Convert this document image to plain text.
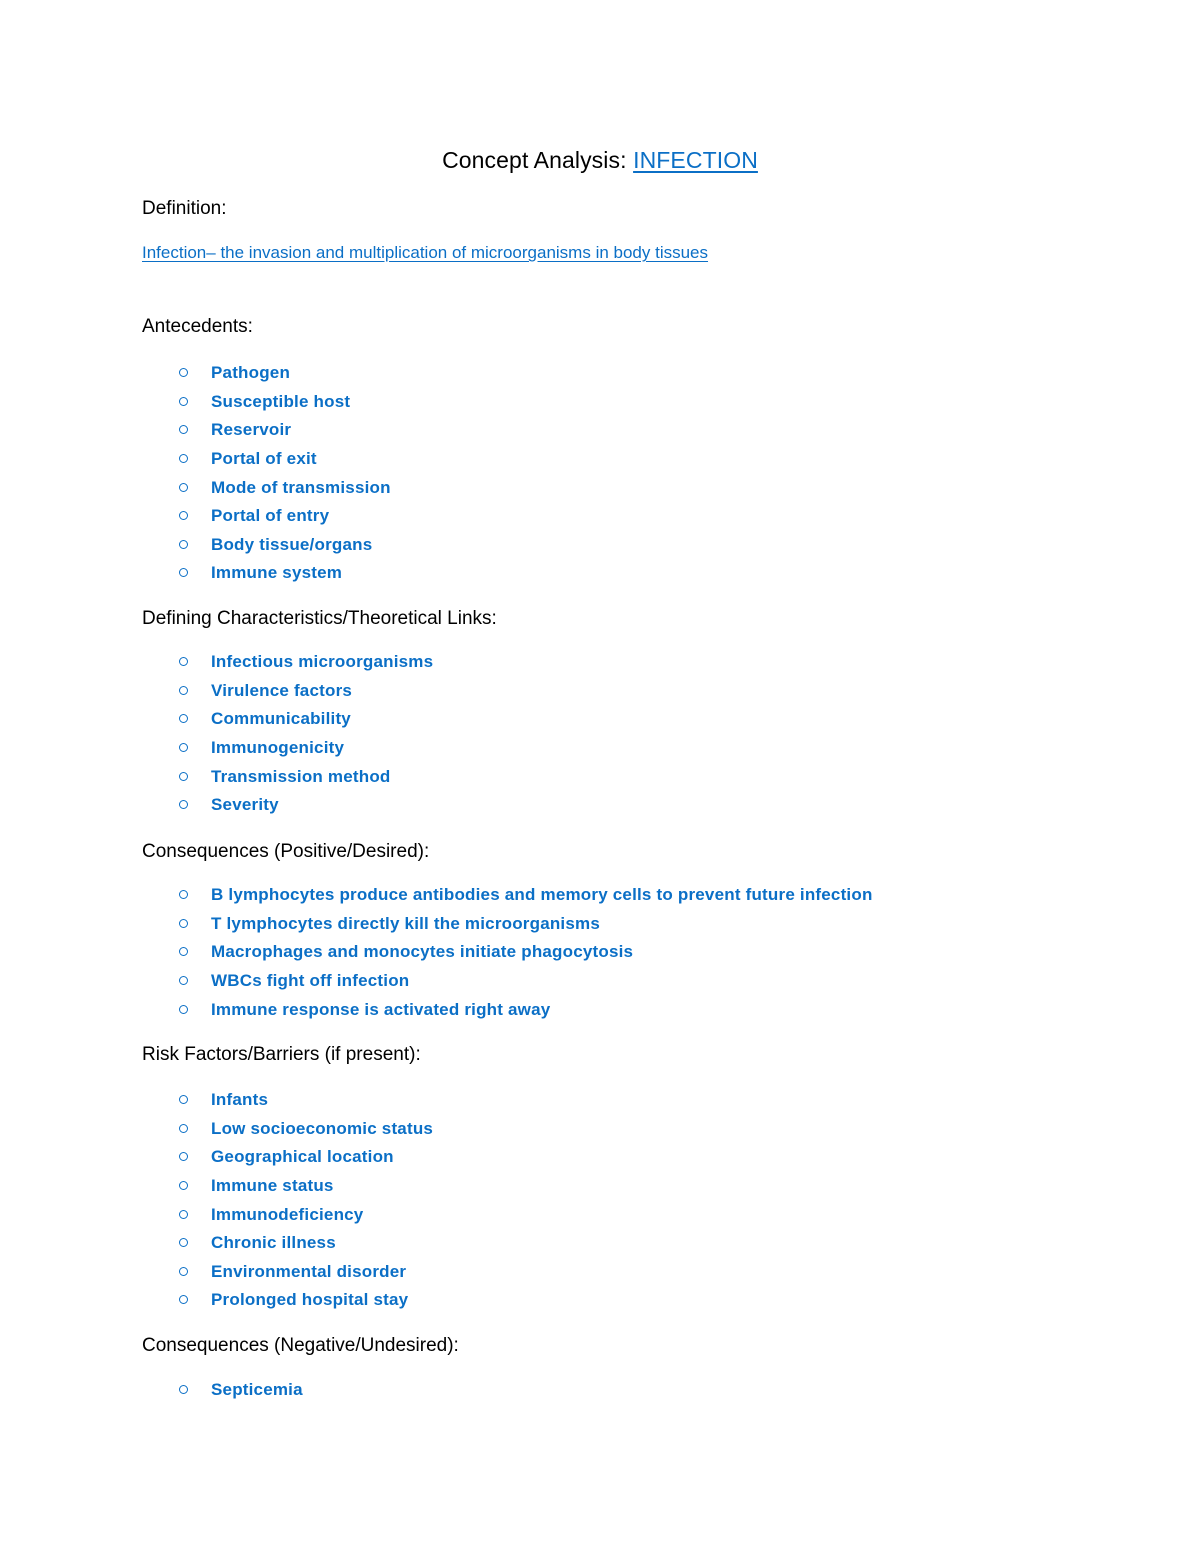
Concept Analysis: INFECTION
Definition:
Infection– the invasion and multiplication of microorganisms in body tissues
Antecedents:
Pathogen
Susceptible host
Reservoir
Portal of exit
Mode of transmission
Portal of entry
Body tissue/organs
Immune system
Defining Characteristics/Theoretical Links:
Infectious microorganisms
Virulence factors
Communicability
Immunogenicity
Transmission method
Severity
Consequences (Positive/Desired):
B lymphocytes produce antibodies and memory cells to prevent future infection
T lymphocytes directly kill the microorganisms
Macrophages and monocytes initiate phagocytosis
WBCs fight off infection
Immune response is activated right away
Risk Factors/Barriers (if present):
Infants
Low socioeconomic status
Geographical location
Immune status
Immunodeficiency
Chronic illness
Environmental disorder
Prolonged hospital stay
Consequences (Negative/Undesired):
Septicemia
